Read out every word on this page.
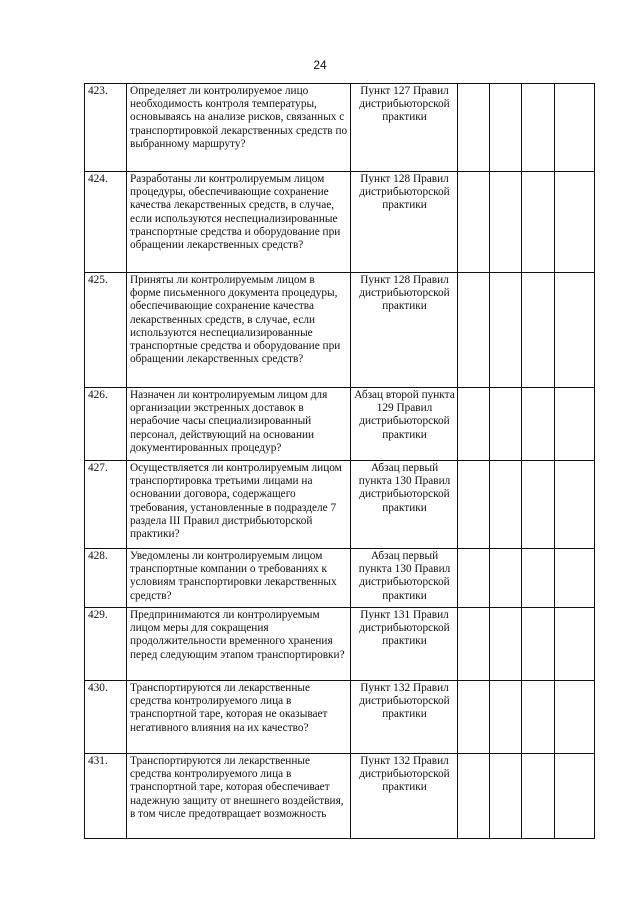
24
423.	Определяет ли контролируемое лицо необходимость контроля температуры, основываясь на анализе рисков, связанных с транспортировкой лекарственных средств по выбранному маршруту?	Пункт 127 Правил дистрибьюторской практики				
424.	Разработаны ли контролируемым лицом процедуры, обеспечивающие сохранение качества лекарственных средств, в случае, если используются неспециализированные транспортные средства и оборудование при обращении лекарственных средств?	Пункт 128 Правил дистрибьюторской практики				
425.	Приняты ли контролируемым лицом в форме письменного документа процедуры, обеспечивающие сохранение качества лекарственных средств, в случае, если используются неспециализированные транспортные средства и оборудование при обращении лекарственных средств?	Пункт 128 Правил дистрибьюторской практики				
426.	Назначен ли контролируемым лицом для организации экстренных доставок в нерабочие часы специализированный персонал, действующий на основании документированных процедур?	Абзац второй пункта 129 Правил дистрибьюторской практики				
427.	Осуществляется ли контролируемым лицом транспортировка третьими лицами на основании договора, содержащего требования, установленные в подразделе 7 раздела III Правил дистрибьюторской практики?	Абзац первый пункта 130 Правил дистрибьюторской практики				
428.	Уведомлены ли контролируемым лицом транспортные компании о требованиях к условиям транспортировки лекарственных средств?	Абзац первый пункта 130 Правил дистрибьюторской практики				
429.	Предпринимаются ли контролируемым лицом меры для сокращения продолжительности временного хранения перед следующим этапом транспортировки?	Пункт 131 Правил дистрибьюторской практики				
430.	Транспортируются ли лекарственные средства контролируемого лица в транспортной таре, которая не оказывает негативного влияния на их качество?	Пункт 132 Правил дистрибьюторской практики				
431.	Транспортируются ли лекарственные средства контролируемого лица в транспортной таре, которая обеспечивает надежную защиту от внешнего воздействия, в том числе предотвращает возможность	Пункт 132 Правил дистрибьюторской практики				
